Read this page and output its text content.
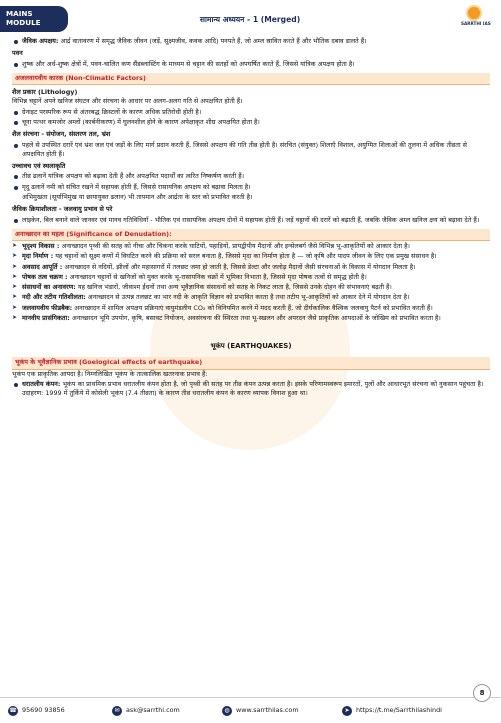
MAINS
MODULE	सामान्य अध्ययन - 1 (Merged)	SARRTHI IAS
जैविक अपक्षय: आर्द्र वातावरण में समृद्ध जैविक जीवन (जड़ें, सूक्ष्मजीव, कवक आदि) पनपते हैं, जो अम्ल स्रावित करते हैं और भौतिक दबाव डालते हैं।
पवन
शुष्क और अर्ध-शुष्क क्षेत्रों में, पवन-चालित कण सैंडब्लास्टिंग के माध्यम से चट्टान की सतहों को अपघर्षित करते हैं, जिससे यांत्रिक अपक्षय होता है।
अजलवायवीय कारक (Non-Climatic Factors)
शैल प्रकार (Lithology)
विभिन्न चट्टानें अपने खनिज संघटन और संरचना के आधार पर अलग-अलग गति से अपक्षयित होती हैं।
ग्रेनाइट परस्परिक रूप से अंतरबद्ध क्रिस्टलों के कारण अधिक प्रतिरोधी होती है।
चूना पत्थर कमजोर अम्लों (कार्बनीकरण) में घुलनशील होने के कारण अपेक्षाकृत शीघ्र अपक्षयित होता है।
शैल संरचना - संयोजन, संस्तरण तल, भ्रंश
पहले से उपस्थित दरारें एवं भ्रंश जल एवं जड़ों के लिए मार्ग प्रदान करती हैं, जिससे अपक्षय की गति तीव्र होती है। संरचित (संयुक्त) शिलाएँ विशाल, अयुग्मित शिलाओं की तुलना में अधिक तीव्रता से अपक्षयित होती हैं।
उच्चावच एवं स्थलाकृति
तीव्र ढलानें यांत्रिक अपक्षय को बढ़ावा देती हैं और अपक्षयित पदार्थों का त्वरित निष्कर्षण करती हैं।
मृदु ढलानें नमी को संचित रखने में सहायक होती हैं, जिससे रासायनिक अपक्षय को बढ़ावा मिलता है।
अभिमुखता (सूर्याभिमुख या छायायुक्त ढलान) भी तापमान और आर्द्रता के स्तर को प्रभावित करती है।
जैविक क्रियाशीलता - जलवायु प्रभाव से परे
लाइकेन, बिल बनाने वाले जानवर एवं मानव गतिविधियाँ - भौतिक एवं रासायनिक अपक्षय दोनों में सहायक होती हैं। जड़ें चट्टानों की दरारें को बढ़ाती हैं, जबकि जैविक अम्ल खनिज क्षय को बढ़ावा देते हैं।
अनाच्छादन का महत्व (Significance of Denudation):
➤ भूदृश्य विकास : अनाच्छादन पृथ्वी की सतह को नीचा और चिकना करके घाटियों, पहाड़ियों, प्रायद्वीपीय मैदानों और इन्सेलबर्ग जैसे विभिन्न भू-आकृतियों को आकार देता है।
➤ मृदा निर्माण : यह चट्टानों को सूक्ष्म कणों में विघटित करने की प्रक्रिया को सरल बनाता है, जिससे मृदा का निर्माण होता है — जो कृषि और पादप जीवन के लिए एक प्रमुख संसाधन है।
➤ अवसाद आपूर्ति : अनाच्छादन से नदियों, झीलों और महासागरों में तलछट जमा हो जाती है, जिससे डेल्टा और जलोढ़ मैदानों जैसी संरचनाओं के विकास में योगदान मिलता है।
➤ पोषक तत्व चक्रण : अनाच्छादन चट्टानों से खनिजों को मुक्त करके भू-रासायनिक चक्रों में भूमिका निभाता है, जिससे मृदा पोषक तत्वों से समृद्ध होती है।
➤ संसाधनों का अनावरण: यह खनिज भंडारों, जीवाश्म ईंधनों तथा अन्य भूवैज्ञानिक संसाधनों को सतह के निकट लाता है, जिससे उनके दोहन की संभावनाएं बढ़ती हैं।
➤ नदी और तटीय गतिशीलता: अनाच्छादन से उत्पन्न तलछट का भार नदी के आकृति विज्ञान को प्रभावित करता है तथा तटीय भू-आकृतियों को आकार देने में योगदान देता है।
➤ जलवायवीय फीडबैक: अनाच्छादन में शामिल अपक्षय प्रक्रियाएं वायुमंडलीय CO₂ को विनियमित करने में मदद करती हैं, जो दीर्घकालिक वैश्विक जलवायु पैटर्न को प्रभावित करती हैं।
➤ मानवीय प्रासंगिकता: अनाच्छादन भूमि उपयोग, कृषि, बसावट नियोजन, अवसंरचना की स्थिरता तथा भू-स्खलन और अपरदन जैसे प्राकृतिक आपदाओं के जोखिम को प्रभावित करता है।
भूकंप (EARTHQUAKES)
भूकंप के भूवैज्ञानिक प्रभाव (Goelogical effects of earthquake)
भूकंप एक प्राकृतिक आपदा है। निम्नलिखित भूकंप के तात्कालिक खतरनाक प्रभाव हैं:
धरातलीय कंपन: भूकंप का प्राथमिक प्रभाव धरातलीय कंपन होता है, जो पृथ्वी की सतह पर तीव्र कंपन उत्पन्न करता है। इसके परिणामस्वरूप इमारतों, पुलों और आधारभूत संरचना को नुकसान पहुंचता है। उदाहरण: 1999 में तुर्किये में कोसेली भूकंप (7.4 तीव्रता) के कारण तीव्र धरातलीय कंपन के कारण व्यापक विनाश हुआ था।
8
☎ 95690 93856	✉	ask@sarrthi.com	◍ www.sarrthiias.com	➤	https://t.me/Sarrthiiashindi
